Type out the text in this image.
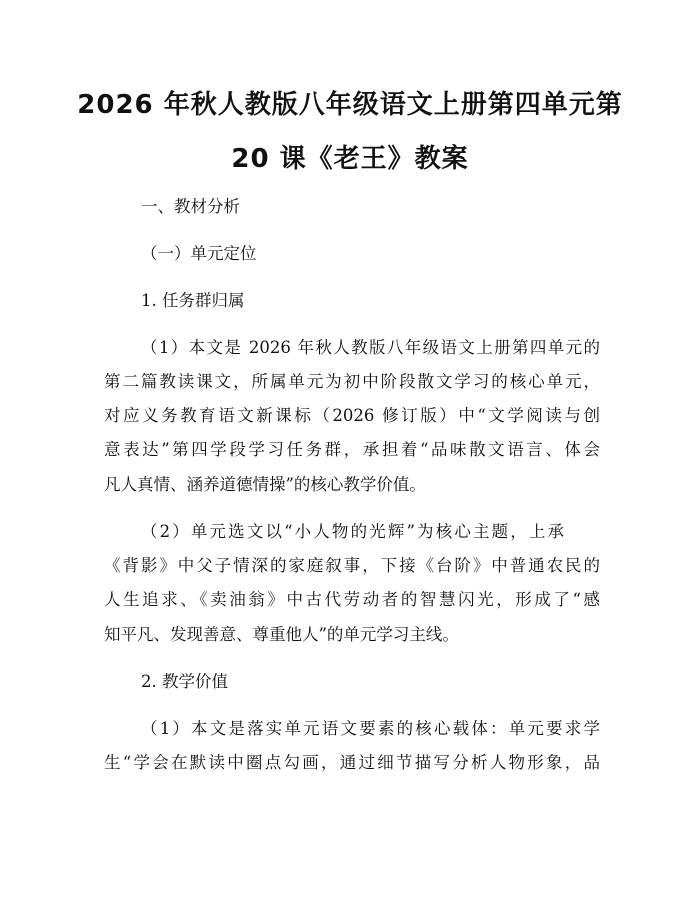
2026 年秋人教版八年级语文上册第四单元第
20 课《老王》教案

一、教材分析

（一）单元定位

1. 任务群归属

（1）本文是 2026 年秋人教版八年级语文上册第四单元的

第二篇教读课文，所属单元为初中阶段散文学习的核心单元，

对应义务教育语文新课标（2026 修订版）中“文学阅读与创

意表达”第四学段学习任务群，承担着“品味散文语言、体会

凡人真情、涵养道德情操”的核心教学价值。

（2）单元选文以“小人物的光辉”为核心主题，上承

《背影》中父子情深的家庭叙事，下接《台阶》中普通农民的

人生追求、《卖油翁》中古代劳动者的智慧闪光，形成了“感

知平凡、发现善意、尊重他人”的单元学习主线。

2. 教学价值

（1）本文是落实单元语文要素的核心载体：单元要求学

生“学会在默读中圈点勾画，通过细节描写分析人物形象，品
